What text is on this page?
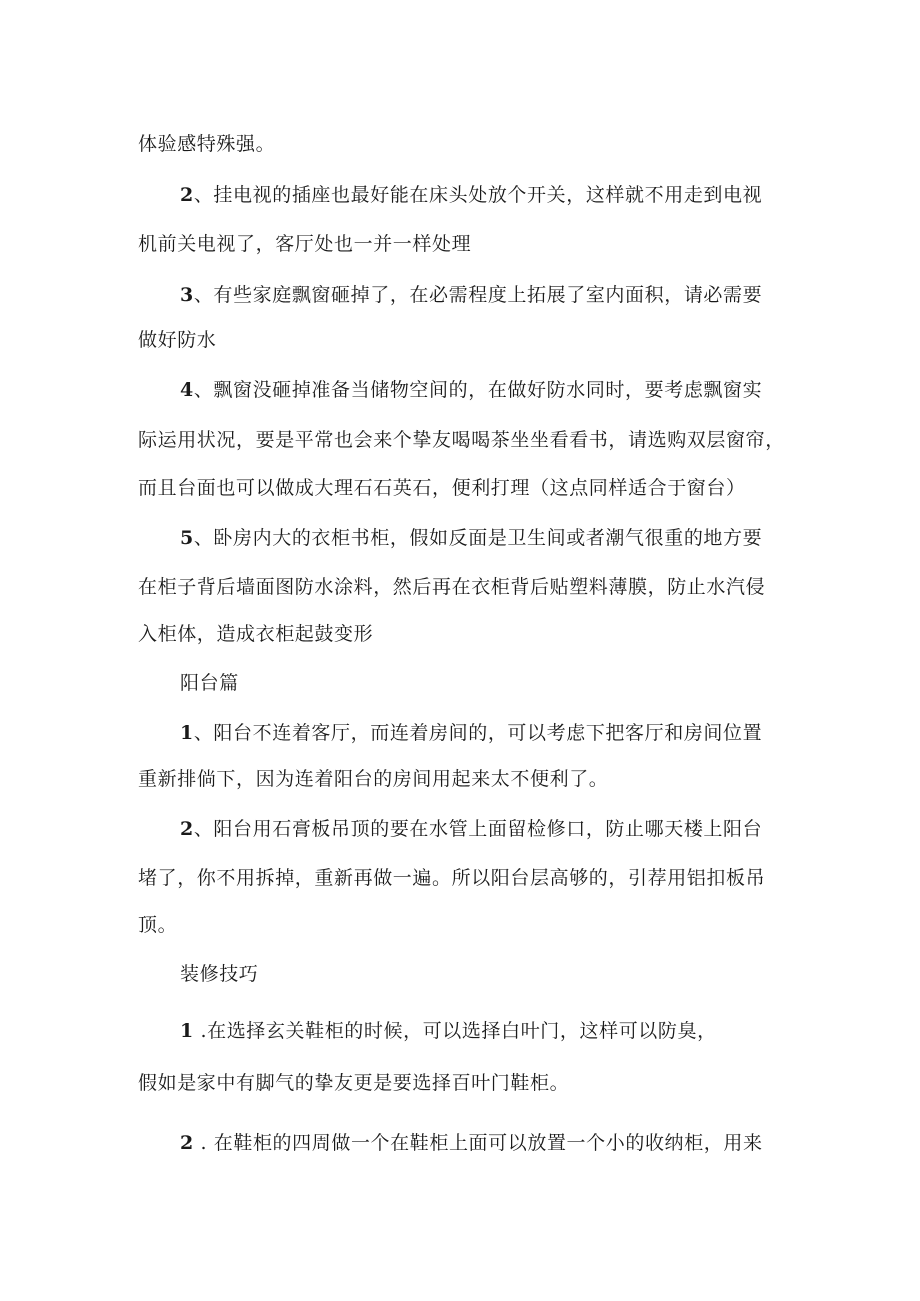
体验感特殊强。
2、挂电视的插座也最好能在床头处放个开关，这样就不用走到电视
机前关电视了，客厅处也一并一样处理
3、有些家庭飘窗砸掉了，在必需程度上拓展了室内面积，请必需要
做好防水
4、飘窗没砸掉准备当储物空间的，在做好防水同时，要考虑飘窗实
际运用状况，要是平常也会来个挚友喝喝茶坐坐看看书，请选购双层窗帘，
而且台面也可以做成大理石石英石，便利打理（这点同样适合于窗台）
5、卧房内大的衣柜书柜，假如反面是卫生间或者潮气很重的地方要
在柜子背后墙面图防水涂料，然后再在衣柜背后贴塑料薄膜，防止水汽侵
入柜体，造成衣柜起鼓变形
阳台篇
1、阳台不连着客厅，而连着房间的，可以考虑下把客厅和房间位置
重新排倘下，因为连着阳台的房间用起来太不便利了。
2、阳台用石膏板吊顶的要在水管上面留检修口，防止哪天楼上阳台
堵了，你不用拆掉，重新再做一遍。所以阳台层高够的，引荐用铝扣板吊
顶。
装修技巧
1 .在选择玄关鞋柜的时候，可以选择白叶门，这样可以防臭，
假如是家中有脚气的挚友更是要选择百叶门鞋柜。
2 . 在鞋柜的四周做一个在鞋柜上面可以放置一个小的收纳柜，用来
